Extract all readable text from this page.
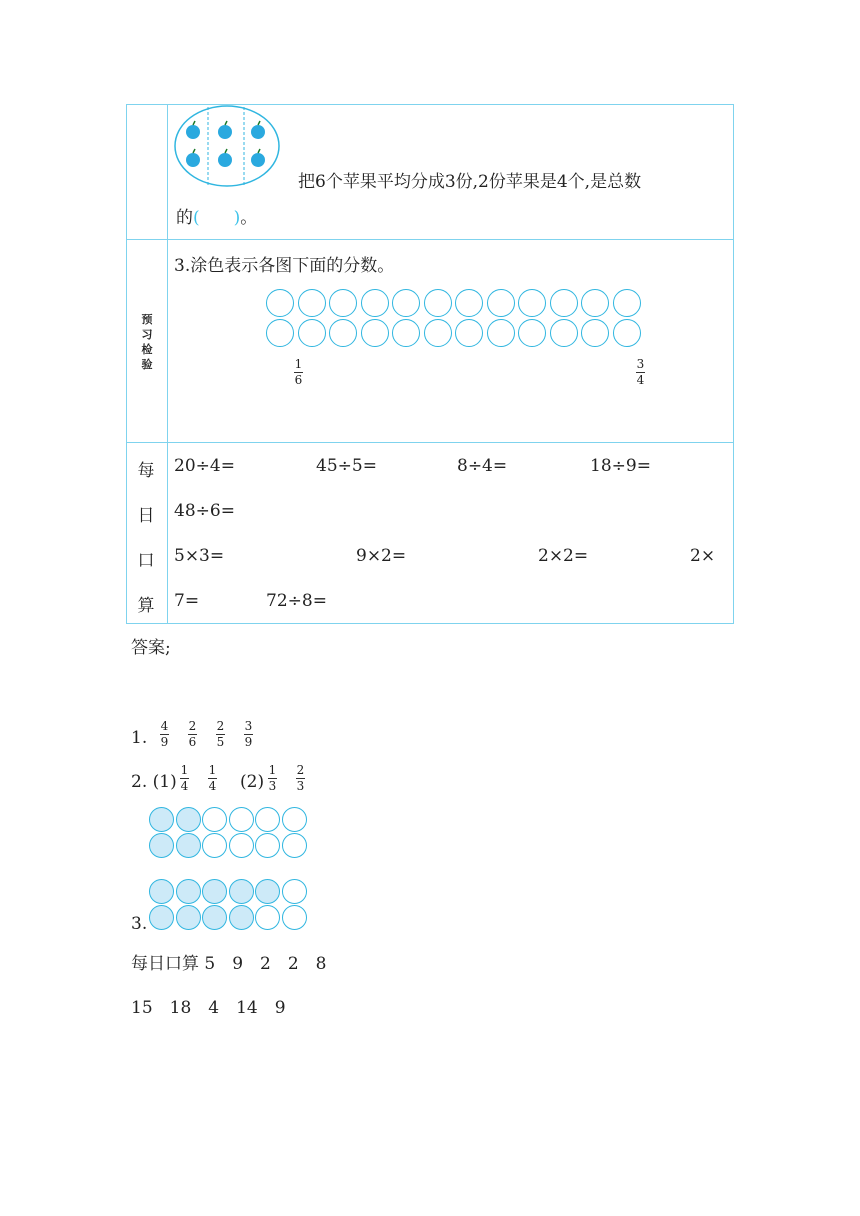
把6个苹果平均分成3份,2份苹果是4个,是总数
的(　　)。
预
习
检
验
3.涂色表示各图下面的分数。
1
6
3
4
每
日
口
算
20÷4=	45÷5=	8÷4=	18÷9=
48÷6=
5×3=	9×2=	2×2=	2×
7=	72÷8=
答案;
1.
4
9
2
6
2
5
3
9
2. (1)
1
4
1
4 (2)
1
3
2
3
3.
每日口算 5　9　2　2　8
15　18　4　14　9
